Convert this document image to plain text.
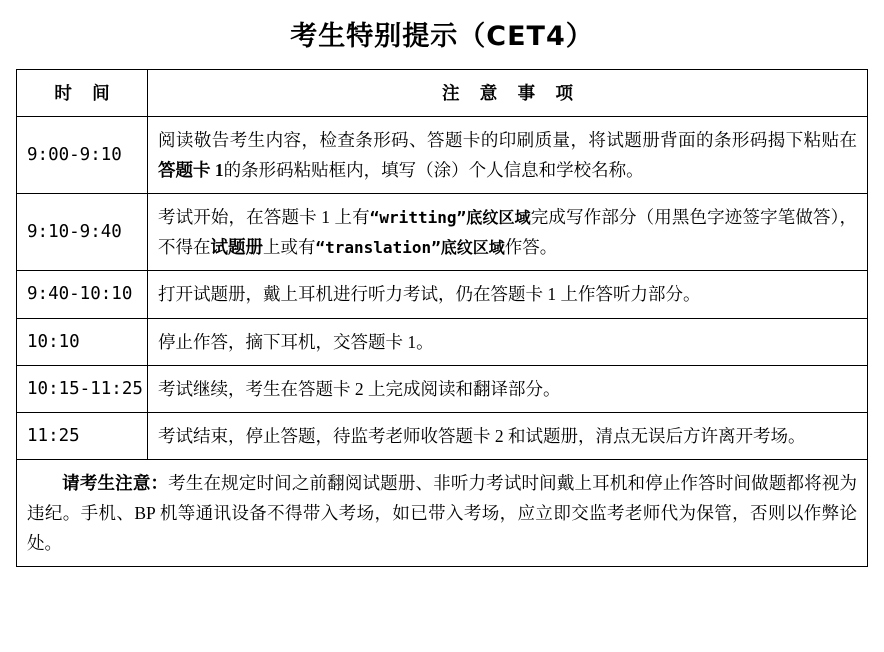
考生特别提示（CET4）
时 间	注 意 事 项
9:00-9:10	阅读敬告考生内容，检查条形码、答题卡的印刷质量，将试题册背面的条形码揭下粘贴在答题卡 1的条形码粘贴框内，填写（涂）个人信息和学校名称。
9:10-9:40	考试开始，在答题卡 1 上有“writting”底纹区域完成写作部分（用黑色字迹签字笔做答），不得在试题册上或有“translation”底纹区域作答。
9:40-10:10	打开试题册，戴上耳机进行听力考试，仍在答题卡 1 上作答听力部分。
10:10	停止作答，摘下耳机，交答题卡 1。
10:15-11:25	考试继续，考生在答题卡 2 上完成阅读和翻译部分。
11:25	考试结束，停止答题，待监考老师收答题卡 2 和试题册，清点无误后方许离开考场。
请考生注意：考生在规定时间之前翻阅试题册、非听力考试时间戴上耳机和停止作答时间做题都将视为违纪。手机、BP 机等通讯设备不得带入考场，如已带入考场，应立即交监考老师代为保管，否则以作弊论处。	
